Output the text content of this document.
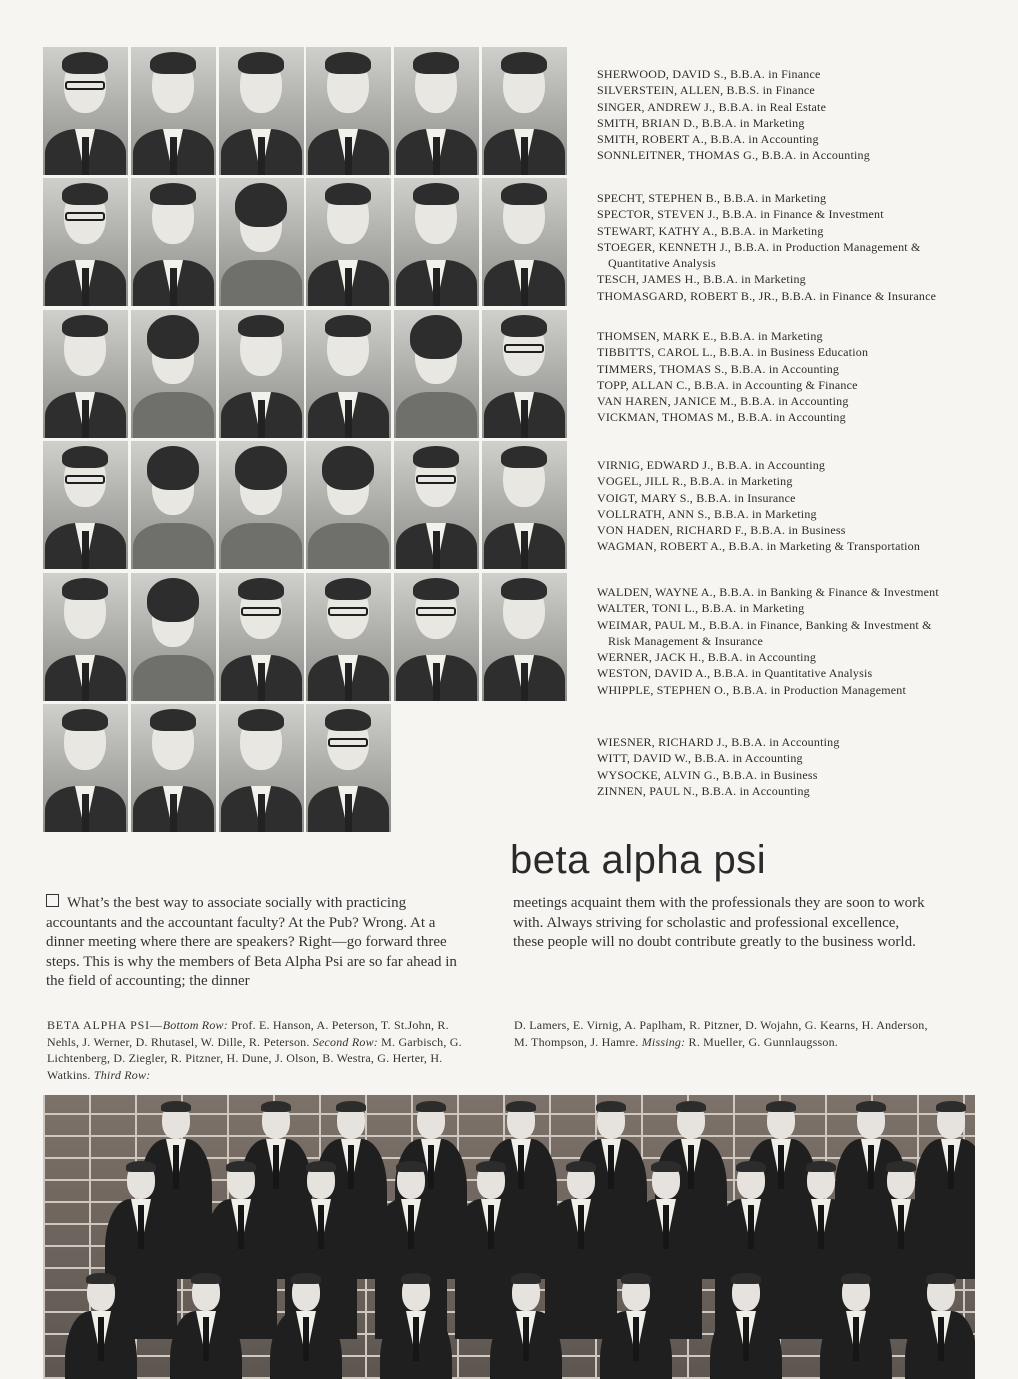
SHERWOOD, DAVID S., B.B.A. in Finance
SILVERSTEIN, ALLEN, B.B.S. in Finance
SINGER, ANDREW J., B.B.A. in Real Estate
SMITH, BRIAN D., B.B.A. in Marketing
SMITH, ROBERT A., B.B.A. in Accounting
SONNLEITNER, THOMAS G., B.B.A. in Accounting
SPECHT, STEPHEN B., B.B.A. in Marketing
SPECTOR, STEVEN J., B.B.A. in Finance & Investment
STEWART, KATHY A., B.B.A. in Marketing
STOEGER, KENNETH J., B.B.A. in Production Management &
Quantitative Analysis
TESCH, JAMES H., B.B.A. in Marketing
THOMASGARD, ROBERT B., JR., B.B.A. in Finance & Insurance
THOMSEN, MARK E., B.B.A. in Marketing
TIBBITTS, CAROL L., B.B.A. in Business Education
TIMMERS, THOMAS S., B.B.A. in Accounting
TOPP, ALLAN C., B.B.A. in Accounting & Finance
VAN HAREN, JANICE M., B.B.A. in Accounting
VICKMAN, THOMAS M., B.B.A. in Accounting
VIRNIG, EDWARD J., B.B.A. in Accounting
VOGEL, JILL R., B.B.A. in Marketing
VOIGT, MARY S., B.B.A. in Insurance
VOLLRATH, ANN S., B.B.A. in Marketing
VON HADEN, RICHARD F., B.B.A. in Business
WAGMAN, ROBERT A., B.B.A. in Marketing & Transportation
WALDEN, WAYNE A., B.B.A. in Banking & Finance & Investment
WALTER, TONI L., B.B.A. in Marketing
WEIMAR, PAUL M., B.B.A. in Finance, Banking & Investment &
Risk Management & Insurance
WERNER, JACK H., B.B.A. in Accounting
WESTON, DAVID A., B.B.A. in Quantitative Analysis
WHIPPLE, STEPHEN O., B.B.A. in Production Management
WIESNER, RICHARD J., B.B.A. in Accounting
WITT, DAVID W., B.B.A. in Accounting
WYSOCKE, ALVIN G., B.B.A. in Business
ZINNEN, PAUL N., B.B.A. in Accounting
beta alpha psi

What’s the best way to associate socially with practicing accountants and the accountant faculty? At the Pub? Wrong. At a dinner meeting where there are speakers? Right—go forward three steps. This is why the members of Beta Alpha Psi are so far ahead in the field of accounting; the dinner

meetings acquaint them with the professionals they are soon to work with. Always striving for scholastic and professional excellence, these people will no doubt contribute greatly to the business world.

BETA ALPHA PSI—Bottom Row: Prof. E. Hanson, A. Peterson, T. St.John, R. Nehls, J. Werner, D. Rhutasel, W. Dille, R. Peterson. Second Row: M. Garbisch, G. Lichtenberg, D. Ziegler, R. Pitzner, H. Dune, J. Olson, B. Westra, G. Herter, H. Watkins. Third Row:

D. Lamers, E. Virnig, A. Paplham, R. Pitzner, D. Wojahn, G. Kearns, H. Anderson, M. Thompson, J. Hamre. Missing: R. Mueller, G. Gunnlaugsson.
